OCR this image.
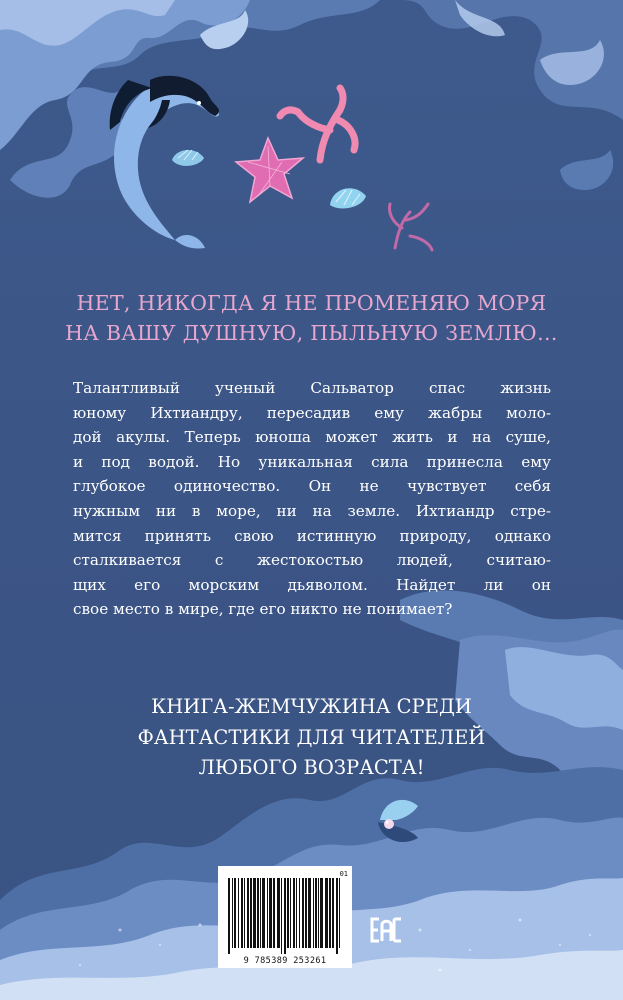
НЕТ, НИКОГДА Я НЕ ПРОМЕНЯЮ МОРЯ
НА ВАШУ ДУШНУЮ, ПЫЛЬНУЮ ЗЕМЛЮ…
Талантливый ученый Сальватор спас жизнь
юному Ихтиандру, пересадив ему жабры моло-
дой акулы. Теперь юноша может жить и на суше,
и под водой. Но уникальная сила принесла ему
глубокое одиночество. Он не чувствует себя
нужным ни в море, ни на земле. Ихтиандр стре-
мится принять свою истинную природу, однако
сталкивается с жестокостью людей, считаю-
щих его морским дьяволом. Найдет ли он
свое место в мире, где его никто не понимает?
КНИГА-ЖЕМЧУЖИНА СРЕДИ
ФАНТАСТИКИ ДЛЯ ЧИТАТЕЛЕЙ
ЛЮБОГО ВОЗРАСТА!
01
9 785389 253261
